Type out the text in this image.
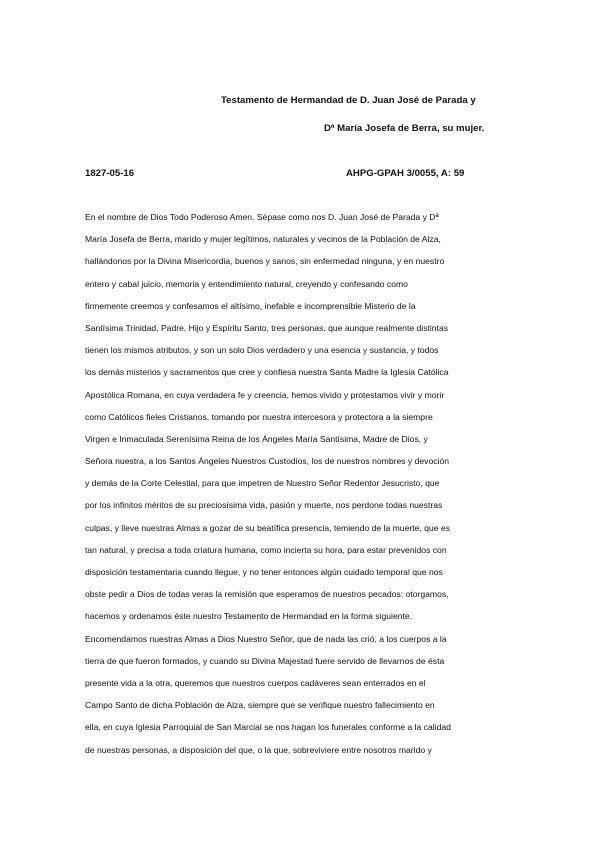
Testamento de Hermandad de D. Juan José de Parada y
Dª María Josefa de Berra, su mujer.
1827-05-16	AHPG-GPAH 3/0055, A: 59
En el nombre de Dios Todo Poderoso Amen. Sépase como nos D. Juan José de Parada y Dª
María Josefa de Berra, marido y mujer legítimos, naturales y vecinos de la Población de Alza,
hallándonos por la Divina Misericordia, buenos y sanos, sin enfermedad ninguna, y en nuestro
entero y cabal juicio, memoria y entendimiento natural, creyendo y confesando como
firmemente creemos y confesamos el altísimo, inefable e incomprensible Misterio de la
Santísima Trinidad, Padre, Hijo y Espíritu Santo, tres personas, que aunque realmente distintas
tienen los mismos atributos, y son un solo Dios verdadero y una esencia y sustancia, y todos
los demás misterios y sacramentos que cree y confiesa nuestra Santa Madre la Iglesia Católica
Apostólica Romana, en cuya verdadera fe y creencia, hemos vivido y protestamos vivir y morir
como Católicos fieles Cristianos, tomando por nuestra intercesora y protectora a la siempre
Virgen e Inmaculada Serenísima Reina de los Ángeles María Santísima, Madre de Dios, y
Señora nuestra, a los Santos Ángeles Nuestros Custodios, los de nuestros nombres y devoción
y demás de la Corte Celestial, para que impetren de Nuestro Señor Redentor Jesucristo, que
por los infinitos méritos de su preciosísima vida, pasión y muerte, nos perdone todas nuestras
culpas, y lleve nuestras Almas a gozar de su beatífica presencia, temiendo de la muerte, que es
tan natural, y precisa a toda criatura humana, como incierta su hora, para estar prevenidos con
disposición testamentaria cuando llegue, y no tener entonces algún cuidado temporal que nos
obste pedir a Dios de todas veras la remisión que esperamos de nuestros pecados: otorgamos,
hacemos y ordenamos éste nuestro Testamento de Hermandad en la forma siguiente.
Encomendamos nuestras Almas a Dios Nuestro Señor, que de nada las crió, a los cuerpos a la
tierra de que fueron formados, y cuando su Divina Majestad fuere servido de llevarnos de ésta
presente vida a la otra, queremos que nuestros cuerpos cadáveres sean enterrados en el
Campo Santo de dicha Población de Alza, siempre que se verifique nuestro fallecimiento en
ella, en cuya Iglesia Parroquial de San Marcial se nos hagan los funerales conforme a la calidad
de nuestras personas, a disposición del que, o la que, sobreviviere entre nosotros marido y
